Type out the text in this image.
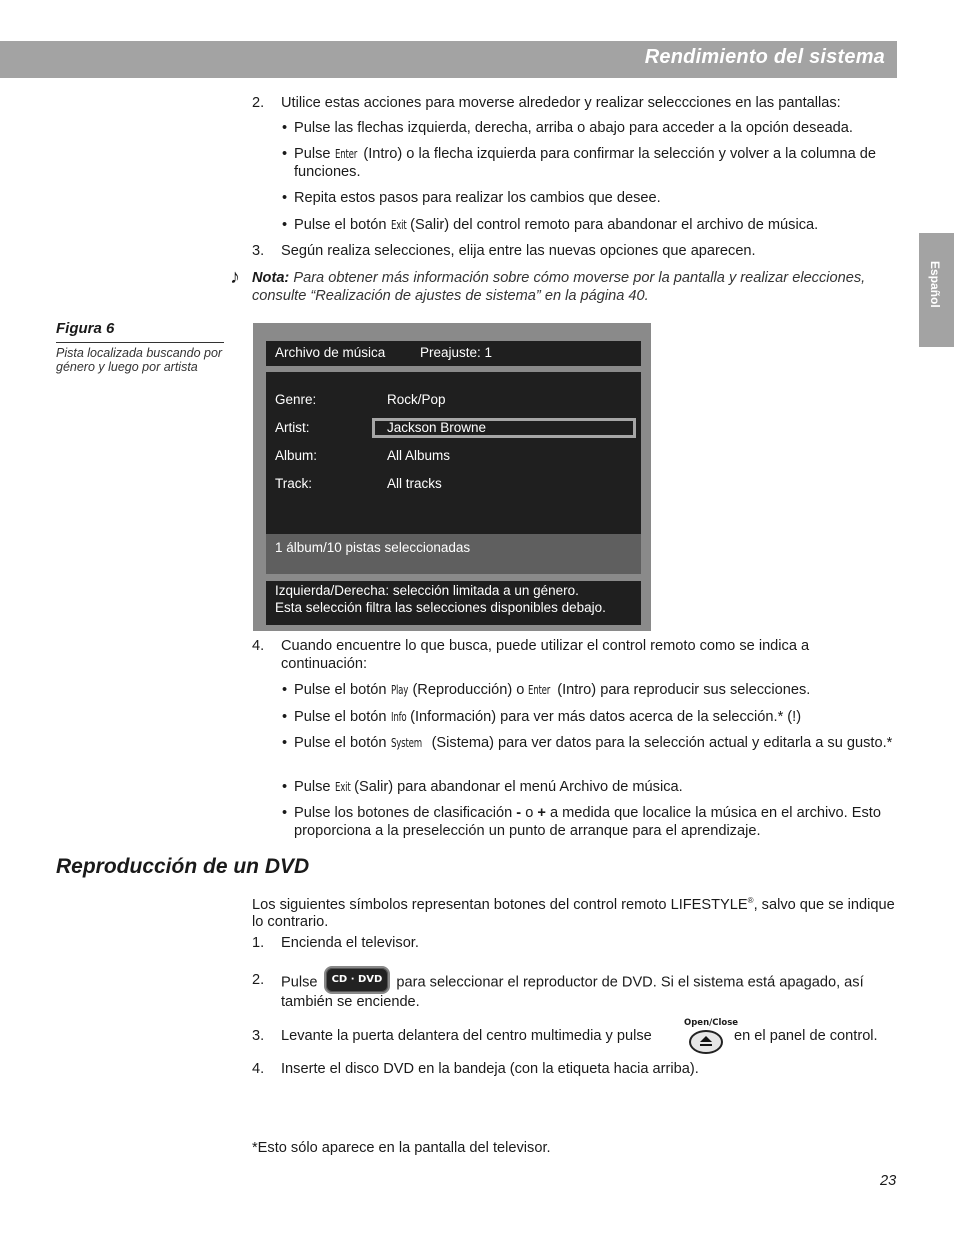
Rendimiento del sistema
Español
2. Utilice estas acciones para moverse alrededor y realizar seleccciones en las pantallas:
• Pulse las flechas izquierda, derecha, arriba o abajo para acceder a la opción deseada.
• Pulse Enter (Intro) o la flecha izquierda para confirmar la selección y volver a la columna de funciones.
• Repita estos pasos para realizar los cambios que desee.
• Pulse el botón Exit (Salir) del control remoto para abandonar el archivo de música.
3. Según realiza selecciones, elija entre las nuevas opciones que aparecen.
♪ Nota: Para obtener más información sobre cómo moverse por la pantalla y realizar elecciones, consulte “Realización de ajustes de sistema” en la página 40.
Figura 6
Pista localizada buscando por género y luego por artista
Archivo de música	Preajuste: 1
Genre:	Rock/Pop
Artist:	Jackson Browne
Album:	All Albums
Track:	All tracks
1 álbum/10 pistas seleccionadas
Izquierda/Derecha: selección limitada a un género.
Esta selección filtra las selecciones disponibles debajo.
4. Cuando encuentre lo que busca, puede utilizar el control remoto como se indica a continuación:
• Pulse el botón Play (Reproducción) o Enter (Intro) para reproducir sus selecciones.
• Pulse el botón Info (Información) para ver más datos acerca de la selección.* (!)
• Pulse el botón System (Sistema) para ver datos para la selección actual y editarla a su gusto.*
• Pulse Exit (Salir) para abandonar el menú Archivo de música.
• Pulse los botones de clasificación - o + a medida que localice la música en el archivo. Esto proporciona a la preselección un punto de arranque para el aprendizaje.
Reproducción de un DVD
Los siguientes símbolos representan botones del control remoto LIFESTYLE®, salvo que se indique lo contrario.
1. Encienda el televisor.
2. Pulse CD · DVD para seleccionar el reproductor de DVD. Si el sistema está apagado, así también se enciende.
3. Levante la puerta delantera del centro multimedia y pulse
Open/Close
en el panel de control.
4. Inserte el disco DVD en la bandeja (con la etiqueta hacia arriba).
*Esto sólo aparece en la pantalla del televisor.
23
